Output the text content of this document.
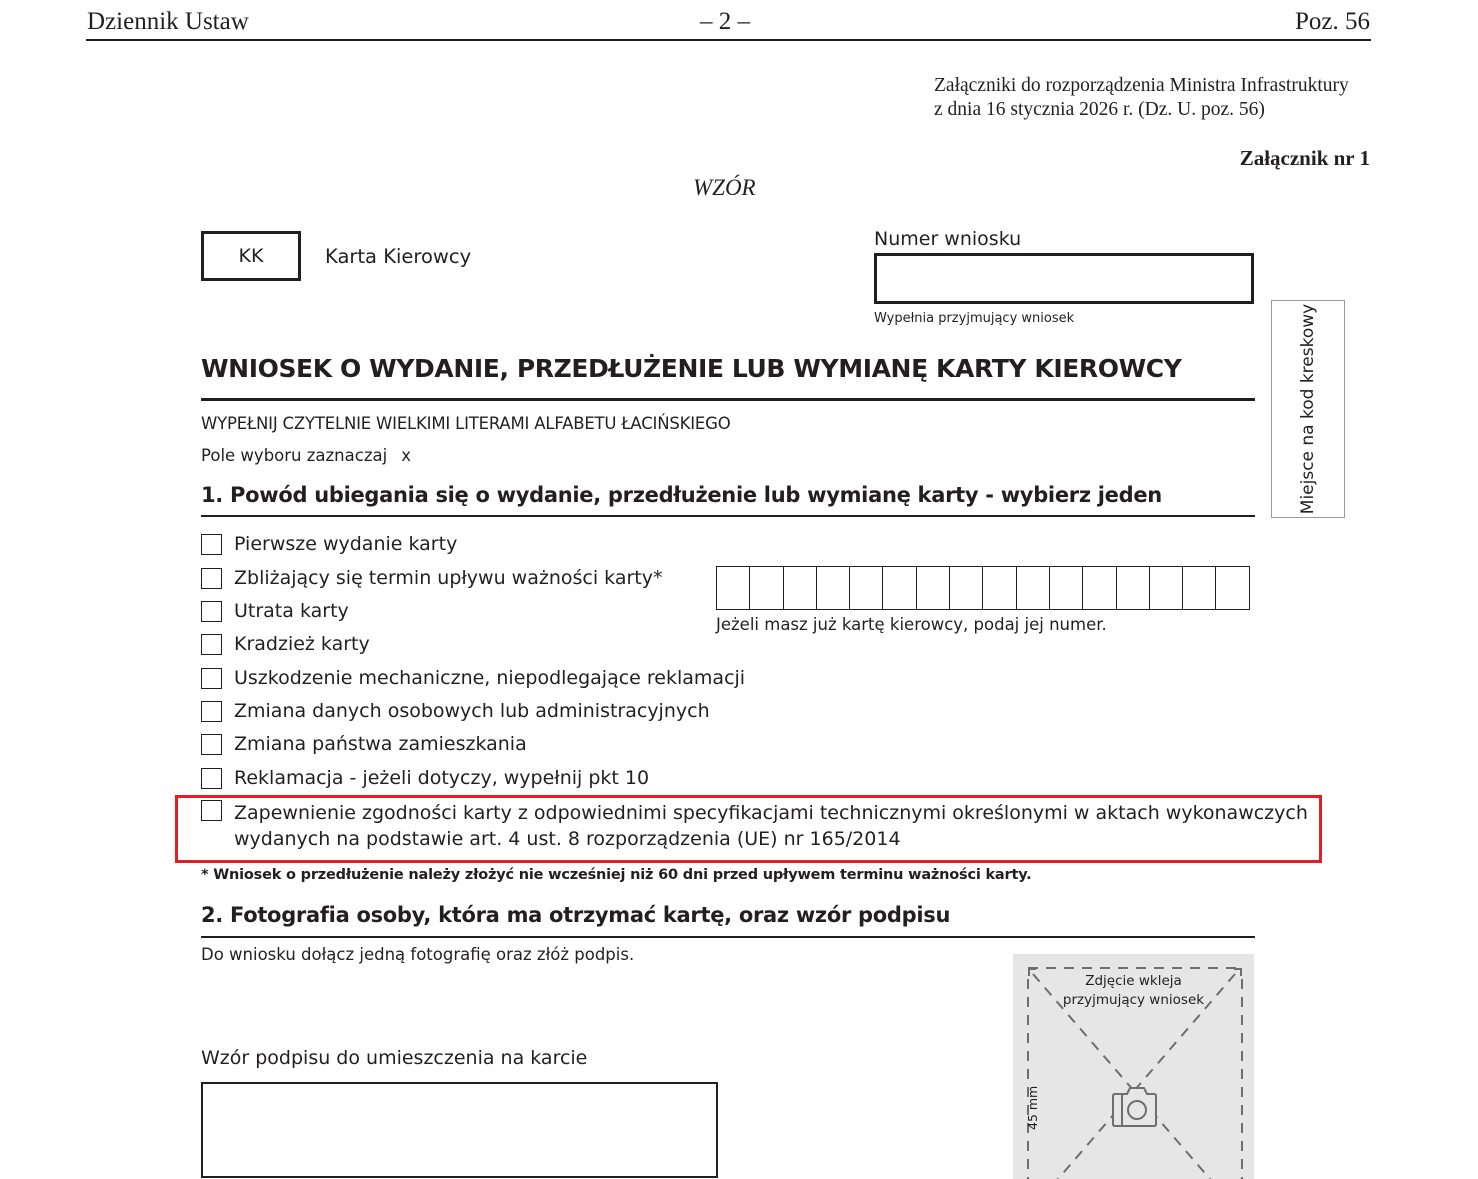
Dziennik Ustaw	– 2 –	Poz. 56
Załączniki do rozporządzenia Ministra Infrastruktury
z dnia 16 stycznia 2026 r. (Dz. U. poz. 56)
Załącznik nr 1
WZÓR
KK	Karta Kierowcy
Numer wniosku
Wypełnia przyjmujący wniosek	Miejsce na kod kreskowy
WNIOSEK O WYDANIE, PRZEDŁUŻENIE LUB WYMIANĘ KARTY KIEROWCY
WYPEŁNIJ CZYTELNIE WIELKIMI LITERAMI ALFABETU ŁACIŃSKIEGO
Pole wyboru zaznaczaj x
1. Powód ubiegania się o wydanie, przedłużenie lub wymianę karty - wybierz jeden
Pierwsze wydanie karty
Zbliżający się termin upływu ważności karty*
Utrata karty
Kradzież karty
Uszkodzenie mechaniczne, niepodlegające reklamacji
Zmiana danych osobowych lub administracyjnych
Zmiana państwa zamieszkania
Reklamacja - jeżeli dotyczy, wypełnij pkt 10
Zapewnienie zgodności karty z odpowiednimi specyfikacjami technicznymi określonymi w aktach wykonawczych
wydanych na podstawie art. 4 ust. 8 rozporządzenia (UE) nr 165/2014
Jeżeli masz już kartę kierowcy, podaj jej numer.
* Wniosek o przedłużenie należy złożyć nie wcześniej niż 60 dni przed upływem terminu ważności karty.
2. Fotografia osoby, która ma otrzymać kartę, oraz wzór podpisu
Do wniosku dołącz jedną fotografię oraz złóż podpis.
Wzór podpisu do umieszczenia na karcie
Zdjęcie wkleja
przyjmujący wniosek
45 mm
